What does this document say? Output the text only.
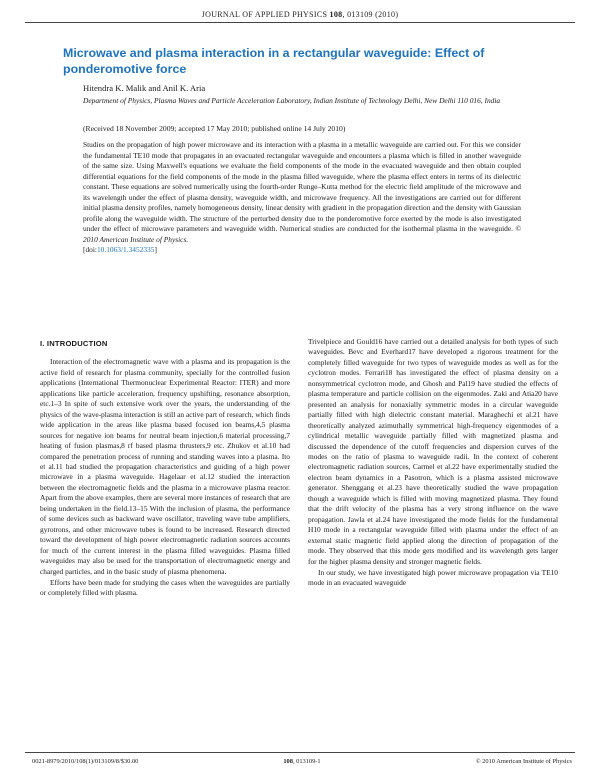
JOURNAL OF APPLIED PHYSICS 108, 013109 (2010)
Microwave and plasma interaction in a rectangular waveguide: Effect of ponderomotive force
Hitendra K. Malik and Anil K. Aria
Department of Physics, Plasma Waves and Particle Acceleration Laboratory, Indian Institute of Technology Delhi, New Delhi 110 016, India
(Received 18 November 2009; accepted 17 May 2010; published online 14 July 2010)
Studies on the propagation of high power microwave and its interaction with a plasma in a metallic waveguide are carried out. For this we consider the fundamental TE10 mode that propagates in an evacuated rectangular waveguide and encounters a plasma which is filled in another waveguide of the same size. Using Maxwell's equations we evaluate the field components of the mode in the evacuated waveguide and then obtain coupled differential equations for the field components of the mode in the plasma filled waveguide, where the plasma effect enters in terms of its dielectric constant. These equations are solved numerically using the fourth-order Runge–Kutta method for the electric field amplitude of the microwave and its wavelength under the effect of plasma density, waveguide width, and microwave frequency. All the investigations are carried out for different initial plasma density profiles, namely homogeneous density, linear density with gradient in the propagation direction and the density with Gaussian profile along the waveguide width. The structure of the perturbed density due to the ponderomotive force exerted by the mode is also investigated under the effect of microwave parameters and waveguide width. Numerical studies are conducted for the isothermal plasma in the waveguide. © 2010 American Institute of Physics.
[doi:10.1063/1.3452335]
I. INTRODUCTION

Interaction of the electromagnetic wave with a plasma and its propagation is the active field of research for plasma community, specially for the controlled fusion applications (International Thermonuclear Experimental Reactor: ITER) and more applications like particle acceleration, frequency upshifting, resonance absorption, etc.1–3 In spite of such extensive work over the years, the understanding of the physics of the wave-plasma interaction is still an active part of research, which finds wide application in the areas like plasma based focused ion beams,4,5 plasma sources for negative ion beams for neutral beam injection,6 material processing,7 heating of fusion plasmas,8 rf based plasma thrusters,9 etc. Zhukov et al.10 had compared the penetration process of running and standing waves into a plasma. Ito et al.11 had studied the propagation characteristics and guiding of a high power microwave in a plasma waveguide. Hagelaar et al.12 studied the interaction between the electromagnetic fields and the plasma in a microwave plasma reactor. Apart from the above examples, there are several more instances of research that are being undertaken in the field.13–15 With the inclusion of plasma, the performance of some devices such as backward wave oscillator, traveling wave tube amplifiers, gyrotrons, and other microwave tubes is found to be increased. Research directed toward the development of high power electromagnetic radiation sources accounts for much of the current interest in the plasma filled waveguides. Plasma filled waveguides may also be used for the transportation of electromagnetic energy and charged particles, and in the basic study of plasma phenomena.

Efforts have been made for studying the cases when the waveguides are partially or completely filled with plasma.

Trivelpiece and Gould16 have carried out a detailed analysis for both types of such waveguides. Bevc and Everhard17 have developed a rigorous treatment for the completely filled waveguide for two types of waveguide modes as well as for the cyclotron modes. Ferrari18 has investigated the effect of plasma density on a nonsymmetrical cyclotron mode, and Ghosh and Pal19 have studied the effects of plasma temperature and particle collision on the eigenmodes. Zaki and Atia20 have presented an analysis for nonaxially symmetric modes in a circular waveguide partially filled with high dielectric constant material. Maraghechi et al.21 have theoretically analyzed azimuthally symmetrical high-frequency eigenmodes of a cylindrical metallic waveguide partially filled with magnetized plasma and discussed the dependence of the cutoff frequencies and dispersion curves of the modes on the ratio of plasma to waveguide radii. In the context of coherent electromagnetic radiation sources, Carmel et al.22 have experimentally studied the electron beam dynamics in a Pasotron, which is a plasma assisted microwave generator. Shenggang et al.23 have theoretically studied the wave propagation though a waveguide which is filled with moving magnetized plasma. They found that the drift velocity of the plasma has a very strong influence on the wave propagation. Jawla et al.24 have investigated the mode fields for the fundamental H10 mode in a rectangular waveguide filled with plasma under the effect of an external static magnetic field applied along the direction of propagation of the mode. They observed that this mode gets modified and its wavelength gets larger for the higher plasma density and stronger magnetic fields.

In our study, we have investigated high power microwave propagation via TE10 mode in an evacuated waveguide

0021-8979/2010/108(1)/013109/8/$30.00	108, 013109-1	© 2010 American Institute of Physics
